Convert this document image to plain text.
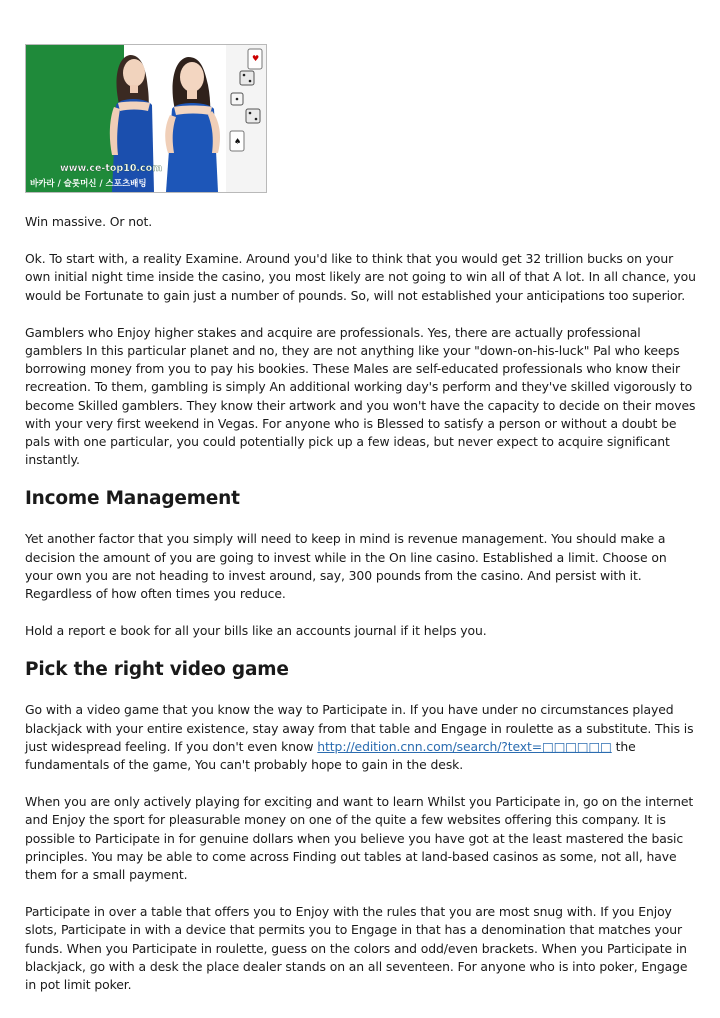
♥
♠
www.ce-top10.com
바카라 / 슬롯머신 / 스포츠배팅

Win massive. Or not.

Ok. To start with, a reality Examine. Around you'd like to think that you would get 32 trillion bucks on your own initial night time inside the casino, you most likely are not going to win all of that A lot. In all chance, you would be Fortunate to gain just a number of pounds. So, will not established your anticipations too superior.

Gamblers who Enjoy higher stakes and acquire are professionals. Yes, there are actually professional gamblers In this particular planet and no, they are not anything like your "down-on-his-luck" Pal who keeps borrowing money from you to pay his bookies. These Males are self-educated professionals who know their recreation. To them, gambling is simply An additional working day's perform and they've skilled vigorously to become Skilled gamblers. They know their artwork and you won't have the capacity to decide on their moves with your very first weekend in Vegas. For anyone who is Blessed to satisfy a person or without a doubt be pals with one particular, you could potentially pick up a few ideas, but never expect to acquire significant instantly.

Income Management

Yet another factor that you simply will need to keep in mind is revenue management. You should make a decision the amount of you are going to invest while in the On line casino. Established a limit. Choose on your own you are not heading to invest around, say, 300 pounds from the casino. And persist with it. Regardless of how often times you reduce.

Hold a report e book for all your bills like an accounts journal if it helps you.

Pick the right video game

Go with a video game that you know the way to Participate in. If you have under no circumstances played blackjack with your entire existence, stay away from that table and Engage in roulette as a substitute. This is just widespread feeling. If you don't even know http://edition.cnn.com/search/?text=□□□□□□ the fundamentals of the game, You can't probably hope to gain in the desk.

When you are only actively playing for exciting and want to learn Whilst you Participate in, go on the internet and Enjoy the sport for pleasurable money on one of the quite a few websites offering this company. It is possible to Participate in for genuine dollars when you believe you have got at the least mastered the basic principles. You may be able to come across Finding out tables at land-based casinos as some, not all, have them for a small payment.

Participate in over a table that offers you to Enjoy with the rules that you are most snug with. If you Enjoy slots, Participate in with a device that permits you to Engage in that has a denomination that matches your funds. When you Participate in roulette, guess on the colors and odd/even brackets. When you Participate in blackjack, go with a desk the place dealer stands on an all seventeen. For anyone who is into poker, Engage in pot limit poker.
